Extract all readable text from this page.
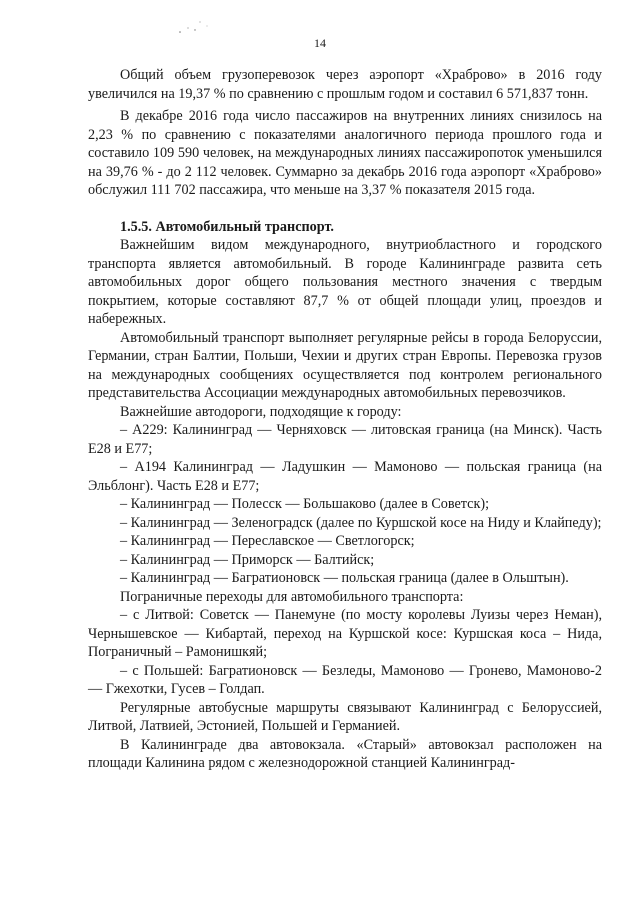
14

Общий объем грузоперевозок через аэропорт «Храброво» в 2016 году увеличился на 19,37 % по сравнению с прошлым годом и составил 6 571,837 тонн.

В декабре 2016 года число пассажиров на внутренних линиях снизилось на 2,23 % по сравнению с показателями аналогичного периода прошлого года и составило 109 590 человек, на международных линиях пассажиропоток уменьшился на 39,76 % - до 2 112 человек. Суммарно за декабрь 2016 года аэропорт «Храброво» обслужил 111 702 пассажира, что меньше на 3,37 % показателя 2015 года.

1.5.5. Автомобильный транспорт.

Важнейшим видом международного, внутриобластного и городского транспорта является автомобильный. В городе Калининграде развита сеть автомобильных дорог общего пользования местного значения с твердым покрытием, которые составляют 87,7 % от общей площади улиц, проездов и набережных.

Автомобильный транспорт выполняет регулярные рейсы в города Белоруссии, Германии, стран Балтии, Польши, Чехии и других стран Европы. Перевозка грузов на международных сообщениях осуществляется под контролем регионального представительства Ассоциации международных автомобильных перевозчиков.

Важнейшие автодороги, подходящие к городу:

– А229: Калининград — Черняховск — литовская граница (на Минск). Часть Е28 и Е77;

– А194 Калининград — Ладушкин — Мамоново — польская граница (на Эльблонг). Часть Е28 и Е77;

– Калининград — Полесск — Большаково (далее в Советск);

– Калининград — Зеленоградск (далее по Куршской косе на Ниду и Клайпеду);

– Калининград — Переславское — Светлогорск;

– Калининград — Приморск — Балтийск;

– Калининград — Багратионовск — польская граница (далее в Ольштын).

Пограничные переходы для автомобильного транспорта:

– с Литвой: Советск — Панемуне (по мосту королевы Луизы через Неман), Чернышевское — Кибартай, переход на Куршской косе: Куршская коса – Нида, Пограничный – Рамонишкяй;

– с Польшей: Багратионовск — Безледы, Мамоново — Гронево, Мамоново-2 — Гжехотки, Гусев – Голдап.

Регулярные автобусные маршруты связывают Калининград с Белоруссией, Литвой, Латвией, Эстонией, Польшей и Германией.

В Калининграде два автовокзала. «Старый» автовокзал расположен на площади Калинина рядом с железнодорожной станцией Калининград-
